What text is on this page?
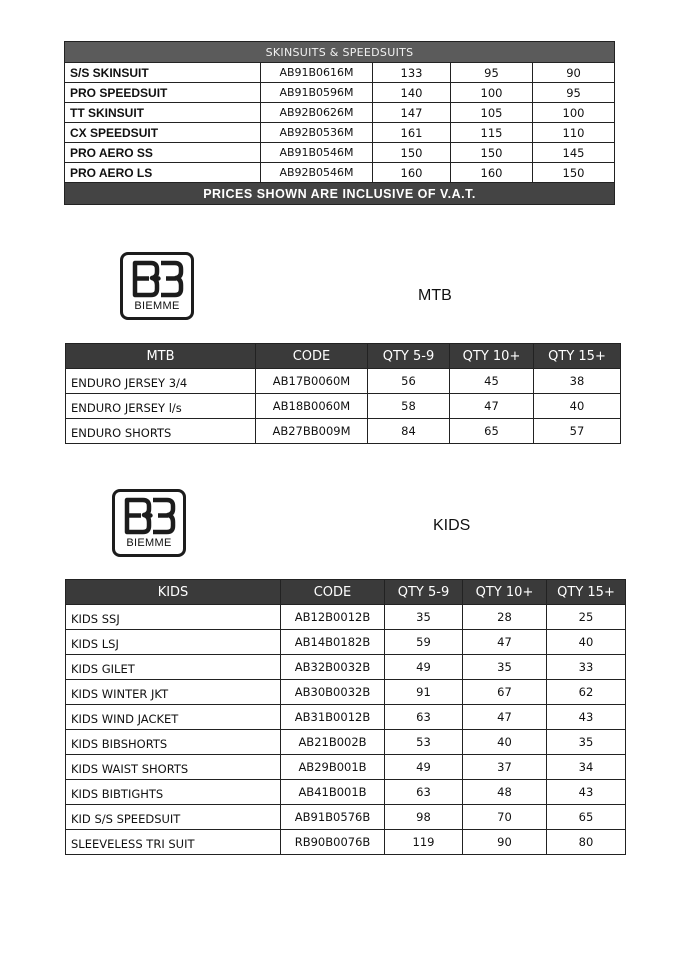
SKINSUITS & SPEEDSUITS				
S/S SKINSUIT	AB91B0616M	133	95	90
PRO SPEEDSUIT	AB91B0596M	140	100	95
TT SKINSUIT	AB92B0626M	147	105	100
CX SPEEDSUIT	AB92B0536M	161	115	110
PRO AERO SS	AB91B0546M	150	150	145
PRO AERO LS	AB92B0546M	160	160	150
PRICES SHOWN ARE INCLUSIVE OF V.A.T.				
BIEMME
MTB
MTB	CODE	QTY 5-9	QTY 10+	QTY 15+
ENDURO JERSEY 3/4	AB17B0060M	56	45	38
ENDURO JERSEY l/s	AB18B0060M	58	47	40
ENDURO SHORTS	AB27BB009M	84	65	57
BIEMME
KIDS
KIDS	CODE	QTY 5-9	QTY 10+	QTY 15+
KIDS SSJ	AB12B0012B	35	28	25
KIDS LSJ	AB14B0182B	59	47	40
KIDS GILET	AB32B0032B	49	35	33
KIDS WINTER JKT	AB30B0032B	91	67	62
KIDS WIND JACKET	AB31B0012B	63	47	43
KIDS BIBSHORTS	AB21B002B	53	40	35
KIDS WAIST SHORTS	AB29B001B	49	37	34
KIDS BIBTIGHTS	AB41B001B	63	48	43
KID S/S SPEEDSUIT	AB91B0576B	98	70	65
SLEEVELESS TRI SUIT	RB90B0076B	119	90	80
